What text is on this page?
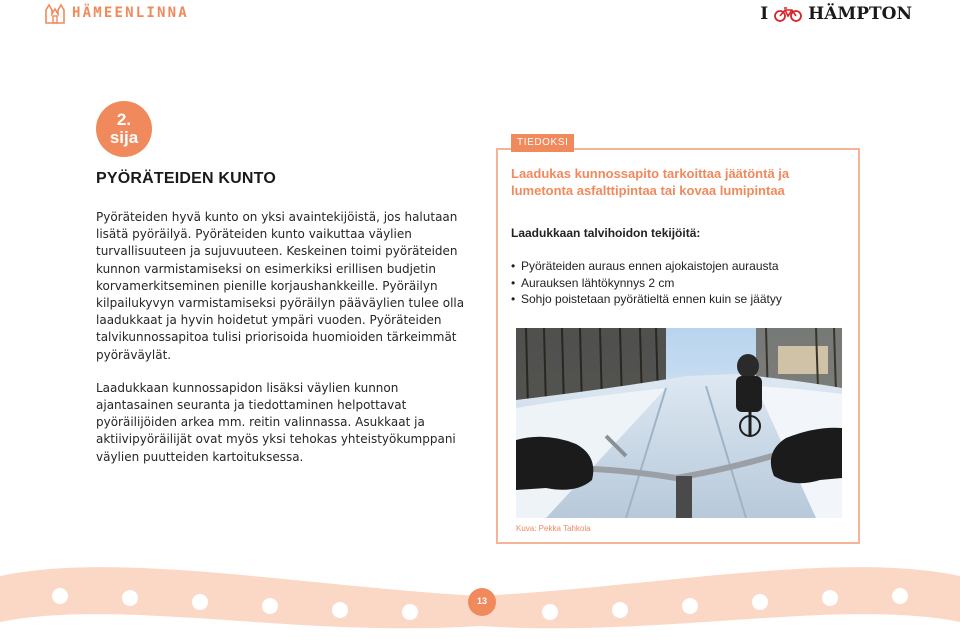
HÄMEENLINNA	I HÄMPTON
2.
sija
PYÖRÄTEIDEN KUNTO

Pyöräteiden hyvä kunto on yksi avaintekijöistä, jos halutaan lisätä pyöräilyä. Pyöräteiden kunto vaikuttaa väylien turvallisuuteen ja sujuvuuteen. Keskeinen toimi pyöräteiden kunnon varmistamiseksi on esimerkiksi erillisen budjetin korvamerkitseminen pienille korjaushankkeille. Pyöräilyn kilpailukyvyn varmistamiseksi pyöräilyn pääväylien tulee olla laadukkaat ja hyvin hoidetut ympäri vuoden. Pyöräteiden talvikunnossapitoa tulisi priorisoida huomioiden tärkeimmät pyöräväylät.

Laadukkaan kunnossapidon lisäksi väylien kunnon ajantasainen seuranta ja tiedottaminen helpottavat pyöräilijöiden arkea mm. reitin valinnassa. Asukkaat ja aktiivipyöräilijät ovat myös yksi tehokas yhteistyökumppani väylien puutteiden kartoituksessa.

TIEDOKSI

Laadukas kunnossapito tarkoittaa jäätöntä ja lumetonta asfalttipintaa tai kovaa lumipintaa

Laadukkaan talvihoidon tekijöitä:

• Pyöräteiden auraus ennen ajokaistojen aurausta
• Aurauksen lähtökynnys 2 cm
• Sohjo poistetaan pyörätieltä ennen kuin se jäätyy
Kuva: Pekka Tahkola
13
